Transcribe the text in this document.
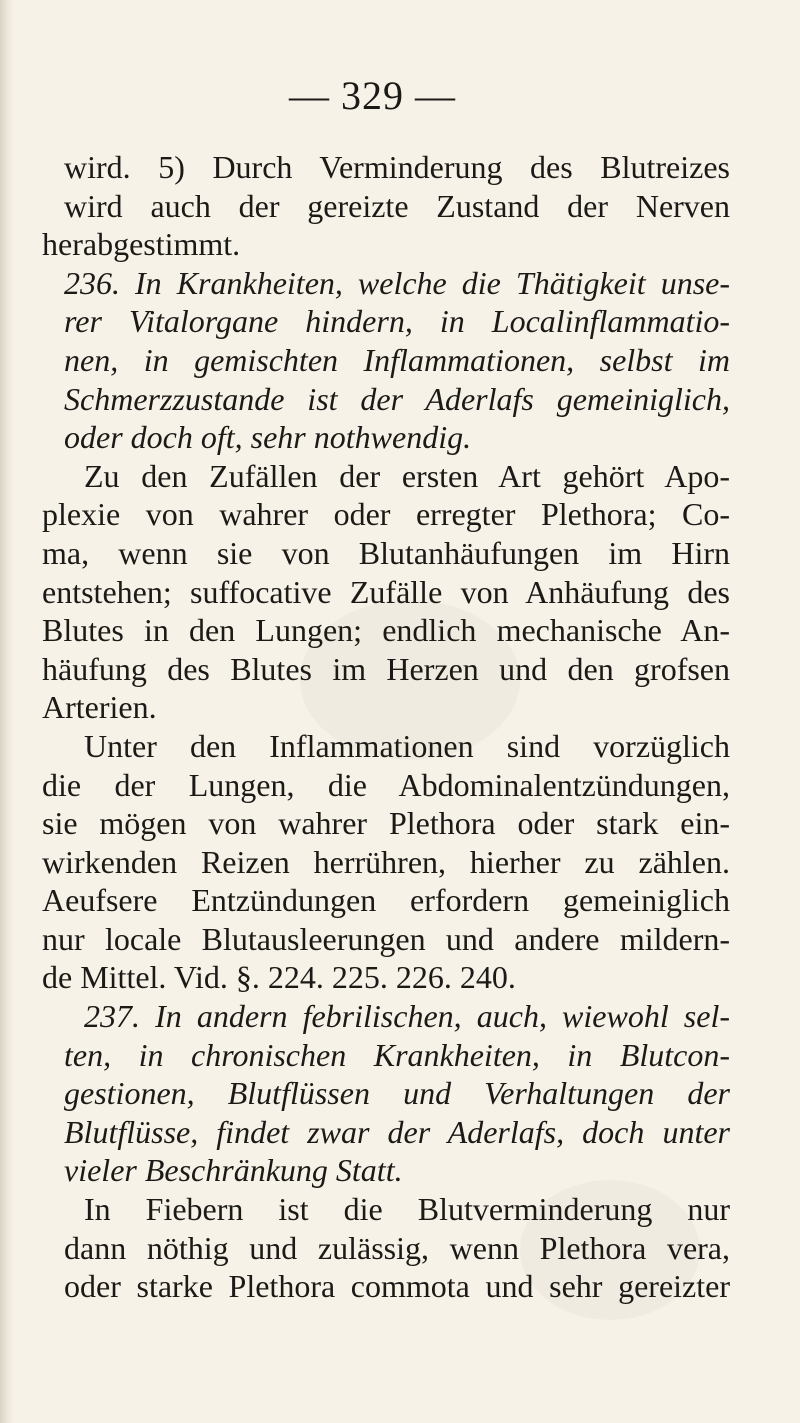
— 329 —
wird. 5) Durch Verminderung des Blutreizes
wird auch der gereizte Zustand der Nerven
herabgestimmt.
236. In Krankheiten, welche die Thätigkeit unse-
rer Vitalorgane hindern, in Localinflammatio-
nen, in gemischten Inflammationen, selbst im
Schmerzzustande ist der Aderlafs gemeiniglich,
oder doch oft, sehr nothwendig.
Zu den Zufällen der ersten Art gehört Apo-
plexie von wahrer oder erregter Plethora; Co-
ma, wenn sie von Blutanhäufungen im Hirn
entstehen; suffocative Zufälle von Anhäufung des
Blutes in den Lungen; endlich mechanische An-
häufung des Blutes im Herzen und den grofsen
Arterien.
Unter den Inflammationen sind vorzüglich
die der Lungen, die Abdominalentzündungen,
sie mögen von wahrer Plethora oder stark ein-
wirkenden Reizen herrühren, hierher zu zählen.
Aeufsere Entzündungen erfordern gemeiniglich
nur locale Blutausleerungen und andere mildern-
de Mittel. Vid. §. 224. 225. 226. 240.
237. In andern febrilischen, auch, wiewohl sel-
ten, in chronischen Krankheiten, in Blutcon-
gestionen, Blutflüssen und Verhaltungen der
Blutflüsse, findet zwar der Aderlafs, doch unter
vieler Beschränkung Statt.
In Fiebern ist die Blutverminderung nur
dann nöthig und zulässig, wenn Plethora vera,
oder starke Plethora commota und sehr gereizter
